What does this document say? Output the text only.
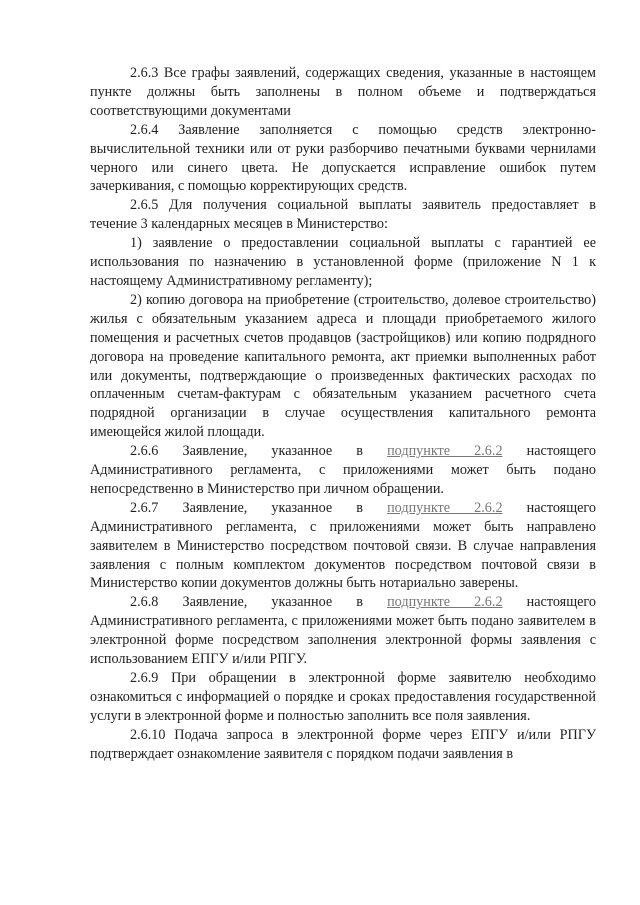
2.6.3 Все графы заявлений, содержащих сведения, указанные в настоящем пункте должны быть заполнены в полном объеме и подтверждаться соответствующими документами

2.6.4 Заявление заполняется с помощью средств электронно-вычислительной техники или от руки разборчиво печатными буквами чернилами черного или синего цвета. Не допускается исправление ошибок путем зачеркивания, с помощью корректирующих средств.

2.6.5 Для получения социальной выплаты заявитель предоставляет в течение 3 календарных месяцев в Министерство:

1) заявление о предоставлении социальной выплаты с гарантией ее использования по назначению в установленной форме (приложение N 1 к настоящему Административному регламенту);

2) копию договора на приобретение (строительство, долевое строительство) жилья с обязательным указанием адреса и площади приобретаемого жилого помещения и расчетных счетов продавцов (застройщиков) или копию подрядного договора на проведение капитального ремонта, акт приемки выполненных работ или документы, подтверждающие о произведенных фактических расходах по оплаченным счетам-фактурам с обязательным указанием расчетного счета подрядной организации в случае осуществления капитального ремонта имеющейся жилой площади.

2.6.6 Заявление, указанное в подпункте 2.6.2 настоящего Административного регламента, с приложениями может быть подано непосредственно в Министерство при личном обращении.

2.6.7 Заявление, указанное в подпункте 2.6.2 настоящего Административного регламента, с приложениями может быть направлено заявителем в Министерство посредством почтовой связи. В случае направления заявления с полным комплектом документов посредством почтовой связи в Министерство копии документов должны быть нотариально заверены.

2.6.8 Заявление, указанное в подпункте 2.6.2 настоящего Административного регламента, с приложениями может быть подано заявителем в электронной форме посредством заполнения электронной формы заявления с использованием ЕПГУ и/или РПГУ.

2.6.9 При обращении в электронной форме заявителю необходимо ознакомиться с информацией о порядке и сроках предоставления государственной услуги в электронной форме и полностью заполнить все поля заявления.

2.6.10 Подача запроса в электронной форме через ЕПГУ и/или РПГУ подтверждает ознакомление заявителя с порядком подачи заявления в
